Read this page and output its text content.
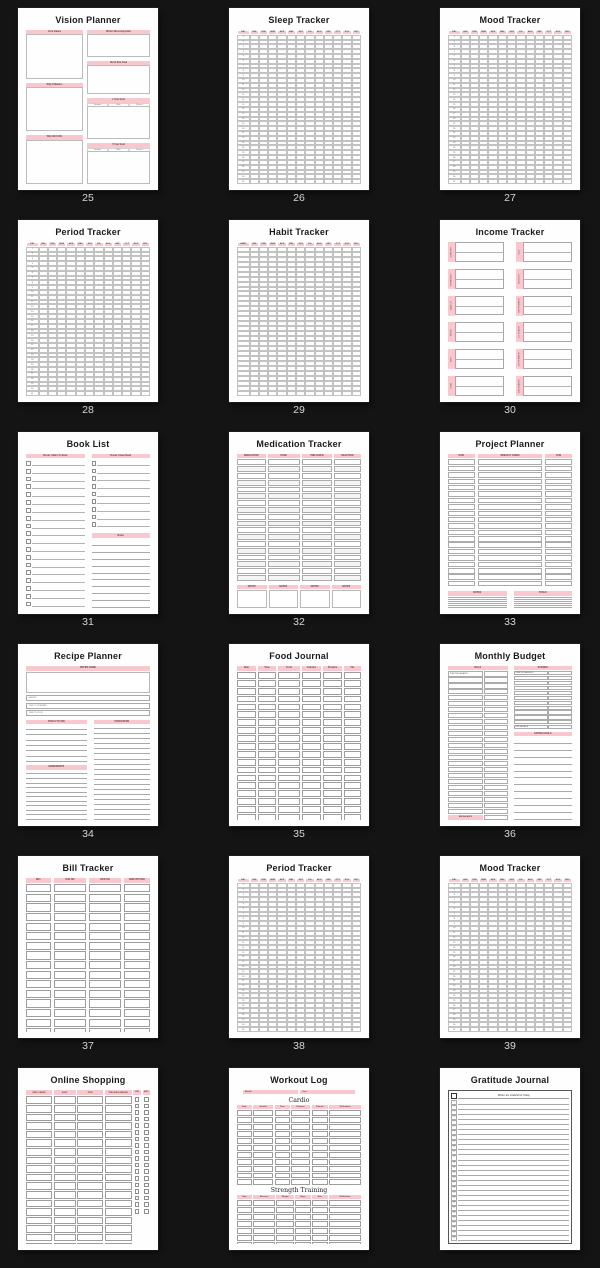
Vision Planner
Core Values
Why It Matters
Why We'll Win
What's Most Important
North Star Goal
1 Year Goal
Personal	Work	Finance
5 Year Goal
Personal	Work	Finance
25
Sleep Tracker
DAY	JAN	FEB	MAR	APR	MAY	JUN	JUL	AUG	SEP	OCT	NOV	DEC
1
2
3
4
5
6
7
8
9
10
11
12
13
14
15
16
17
18
19
20
21
22
23
24
25
26
27
28
29
30
31
26
Mood Tracker
DAY	JAN	FEB	MAR	APR	MAY	JUN	JUL	AUG	SEP	OCT	NOV	DEC
1
2
3
4
5
6
7
8
9
10
11
12
13
14
15
16
17
18
19
20
21
22
23
24
25
26
27
28
29
30
31
27
Period Tracker
DAY	JAN	FEB	MAR	APR	MAY	JUN	JUL	AUG	SEP	OCT	NOV	DEC
1
2
3
4
5
6
7
8
9
10
11
12
13
14
15
16
17
18
19
20
21
22
23
24
25
26
27
28
29
30
31
28
Habit Tracker
HABIT	JAN	FEB	MAR	APR	MAY	JUN	JUL	AUG	SEP	OCT	NOV	DEC
29
Income Tracker
JANUARY
FEBRUARY
MARCH
APRIL
MAY
JUNE
JULY
AUGUST
SEPTEMBER
OCTOBER
NOVEMBER
DECEMBER
30
Book List
Books I Want To Read	Books I Have Read
Notes
31
Medication Tracker
MEDICATION	DOSE	TIME GIVEN	REACTION
NOTES	NOTES	NOTES	NOTES
32
Project Planner
TASK	BREAK IT DOWN	DUE
NOTES	TOOLS
33
Recipe Planner
RECIPE NAME
SERVES
TIME TO PREPARE
TIME TO COOK
TOOLS TO USE
INGREDIENTS
PROCEDURE
34
Food Journal
Date	Time	Food	Calories	Proteins	Fat
35
Monthly Budget
BILLS
STARTING BALANCE
END BALANCE
SAVINGS
STARTING BALANCE
END BALANCE
SAVING GOALS
36
Bill Tracker
BILL	DUE ON	PAID ON	AMOUNT PAID
37
Period Tracker
DAY	JAN	FEB	MAR	APR	MAY	JUN	JUL	AUG	SEP	OCT	NOV	DEC
1
2
3
4
5
6
7
8
9
10
11
12
13
14
15
16
17
18
19
20
21
22
23
24
25
26
27
28
29
30
31
38
Mood Tracker
DAY	JAN	FEB	MAR	APR	MAY	JUN	JUL	AUG	SEP	OCT	NOV	DEC
1
2
3
4
5
6
7
8
9
10
11
12
13
14
15
16
17
18
19
20
21
22
23
24
25
26
27
28
29
30
31
39
Online Shopping
DATE ORDER	SHOP	ITEM	TRACKING ARRIVAL	SHIP	ARRV
Workout Log
Month:	Year:
Cardio
Date	Activity	Time	Distance	Calories	Reflections
Strength Training
Date	Exercise	Weight	Reps	Sets	Reflections
Gratitude Journal
What I am Grateful for Today
1
2
3
4
5
6
7
8
9
10
11
12
13
14
15
16
17
18
19
20
21
22
23
24
25
26
27
28
